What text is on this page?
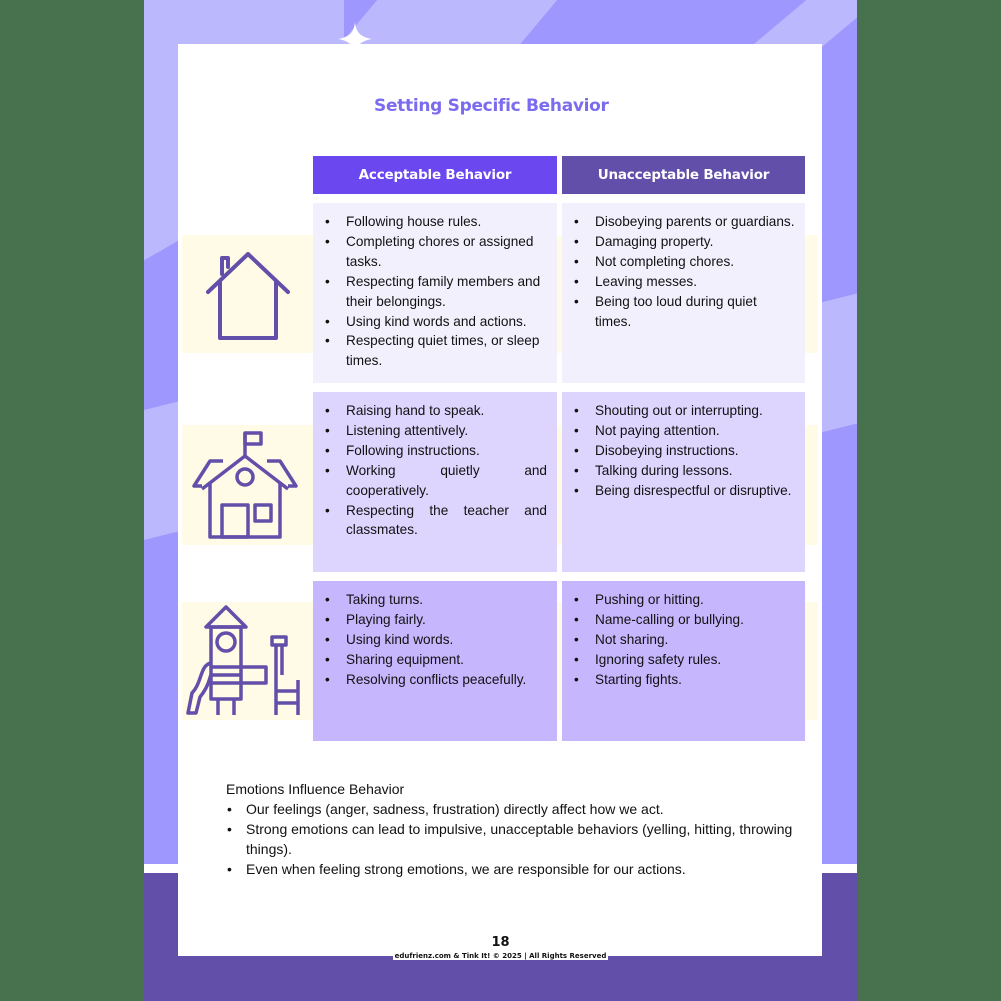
Setting Specific Behavior
Acceptable Behavior	Unacceptable Behavior
• Following house rules.
• Completing chores or assigned tasks.
• Respecting family members and their belongings.
• Using kind words and actions.
• Respecting quiet times, or sleep times.
• Disobeying parents or guardians.
• Damaging property.
• Not completing chores.
• Leaving messes.
• Being too loud during quiet times.
• Raising hand to speak.
• Listening attentively.
• Following instructions.
• Working quietly and cooperatively.
• Respecting the teacher and classmates.
• Shouting out or interrupting.
• Not paying attention.
• Disobeying instructions.
• Talking during lessons.
• Being disrespectful or disruptive.
• Taking turns.
• Playing fairly.
• Using kind words.
• Sharing equipment.
• Resolving conflicts peacefully.
• Pushing or hitting.
• Name-calling or bullying.
• Not sharing.
• Ignoring safety rules.
• Starting fights.
Emotions Influence Behavior
• Our feelings (anger, sadness, frustration) directly affect how we act.
• Strong emotions can lead to impulsive, unacceptable behaviors (yelling, hitting, throwing things).
• Even when feeling strong emotions, we are responsible for our actions.
18
edufrienz.com & Tink It! © 2025 | All Rights Reserved
